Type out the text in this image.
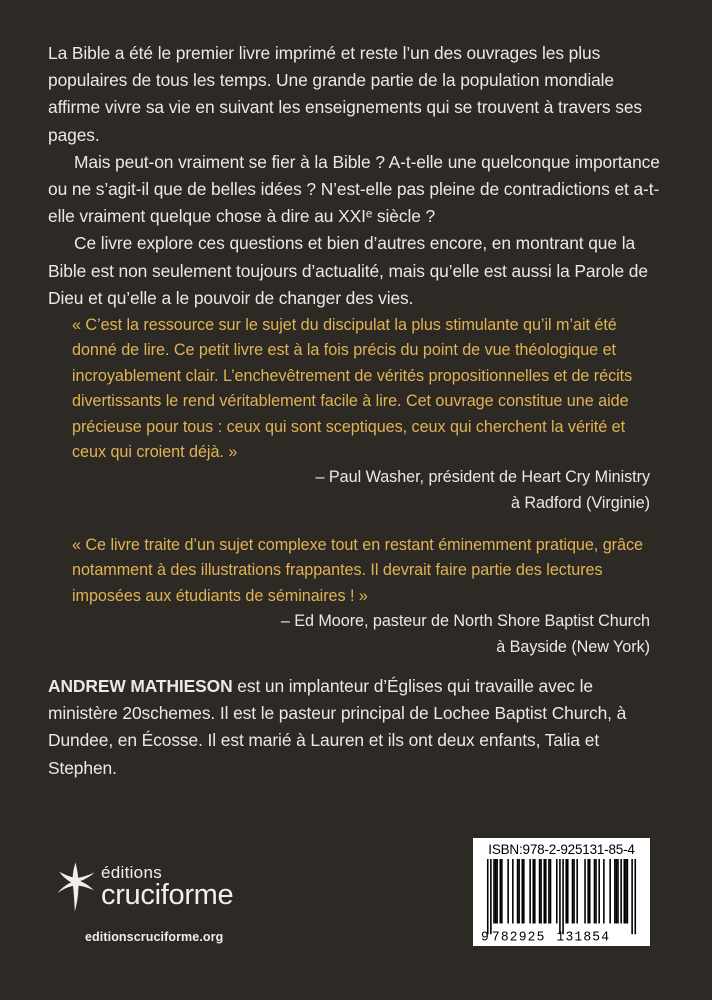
La Bible a été le premier livre imprimé et reste l’un des ouvrages les plus populaires de tous les temps. Une grande partie de la population mondiale affirme vivre sa vie en suivant les enseignements qui se trouvent à travers ses pages.

Mais peut-on vraiment se fier à la Bible ? A-t-elle une quelconque importance ou ne s’agit-il que de belles idées ? N’est-elle pas pleine de contradictions et a-t-elle vraiment quelque chose à dire au XXIᵉ siècle ?

Ce livre explore ces questions et bien d’autres encore, en montrant que la Bible est non seulement toujours d’actualité, mais qu’elle est aussi la Parole de Dieu et qu’elle a le pouvoir de changer des vies.

« C’est la ressource sur le sujet du discipulat la plus stimulante qu’il m’ait été donné de lire. Ce petit livre est à la fois précis du point de vue théologique et incroyablement clair. L’enchevêtrement de vérités propositionnelles et de récits divertissants le rend véritablement facile à lire. Cet ouvrage constitue une aide précieuse pour tous : ceux qui sont sceptiques, ceux qui cherchent la vérité et ceux qui croient déjà. »

– Paul Washer, président de Heart Cry Ministry

à Radford (Virginie)

« Ce livre traite d’un sujet complexe tout en restant éminemment pratique, grâce notamment à des illustrations frappantes. Il devrait faire partie des lectures imposées aux étudiants de séminaires ! »

– Ed Moore, pasteur de North Shore Baptist Church

à Bayside (New York)

ANDREW MATHIESON est un implanteur d’Églises qui travaille avec le ministère 20schemes. Il est le pasteur principal de Lochee Baptist Church, à Dundee, en Écosse. Il est marié à Lauren et ils ont deux enfants, Talia et Stephen.

éditions
cruciforme
editionscruciforme.org
ISBN:978-2-925131-85-4
9 782925 131854
